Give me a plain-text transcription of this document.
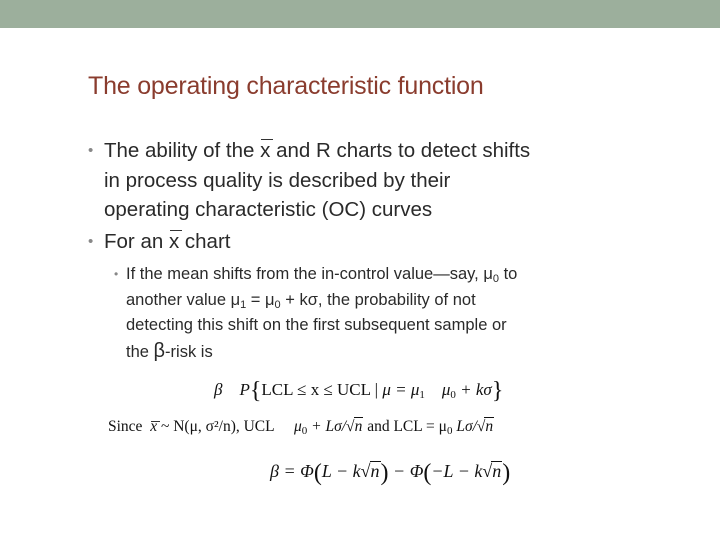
The operating characteristic function
• The ability of the x and R charts to detect shifts
in process quality is described by their
operating characteristic (OC) curves
• For an x chart
• If the mean shifts from the in-control value—say, $\mu_0$ to
another value $\mu_1 = \mu_0 + k\sigma$, the probability of not
detecting this shift on the first subsequent sample or
the β-risk is
β P{LCL ≤ x ≤ UCL | $\mu = \mu_1$ $\mu_0 + k\sigma$}
Since x ~ N(μ, σ²/n), UCL $\mu_0 + L\sigma/√n$ and LCL = $\mu_0$ Lσ/√n
β = Φ(L − k√n) − Φ(−L − k√n)
